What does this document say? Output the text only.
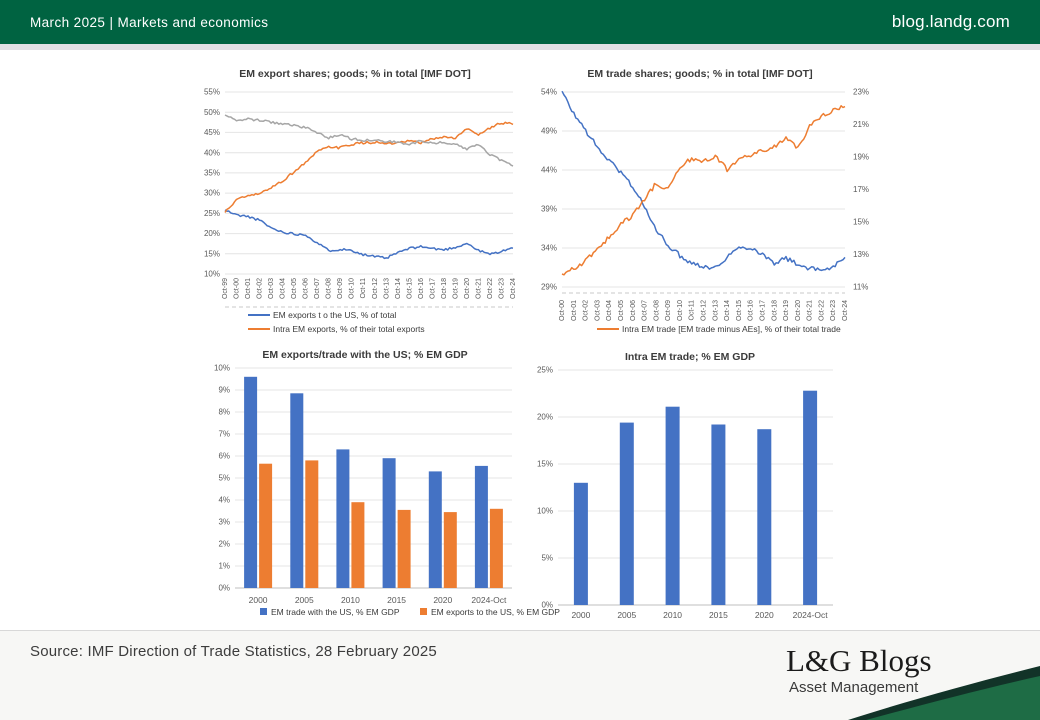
March 2025 | Markets and economics	blog.landg.com
EM export shares; goods; % in total [IMF DOT]
55%
50%
45%
40%
35%
30%
25%
20%
15%
10%
Oct-99 Oct-00 Oct-01 Oct-02 Oct-03 Oct-04 Oct-05 Oct-06 Oct-07 Oct-08 Oct-09 Oct-10 Oct-11 Oct-12 Oct-13 Oct-14 Oct-15 Oct-16 Oct-17 Oct-18 Oct-19 Oct-20 Oct-21 Oct-22 Oct-23 Oct-24
EM exports t o the US, % of total
Intra EM exports, % of their total exports
EM trade shares; goods; % in total [IMF DOT]
54%
49%
44%
39%
34%
29%
23%
21%
19%
17%
15%
13%
11%
Oct-00 Oct-01 Oct-02 Oct-03 Oct-04 Oct-05 Oct-06 Oct-07 Oct-08 Oct-09 Oct-10 Oct-11 Oct-12 Oct-13 Oct-14 Oct-15 Oct-16 Oct-17 Oct-18 Oct-19 Oct-20 Oct-21 Oct-22 Oct-23 Oct-24
Intra EM trade [EM trade minus AEs], % of their total trade
EM exports/trade with the US; % EM GDP
10%
9%
8%
7%
6%
5%
4%
3%
2%
1%
0%
2000	2005	2010	2015	2020 2024-Oct
EM trade with the US, % EM GDP	EM exports to the US, % EM GDP
Intra EM trade; % EM GDP
25%
20%
15%
10%
5%
0%
2000	2005	2010	2015	2020 2024-Oct
Source: IMF Direction of Trade Statistics, 28 February 2025	L&G Blogs
Asset Management
